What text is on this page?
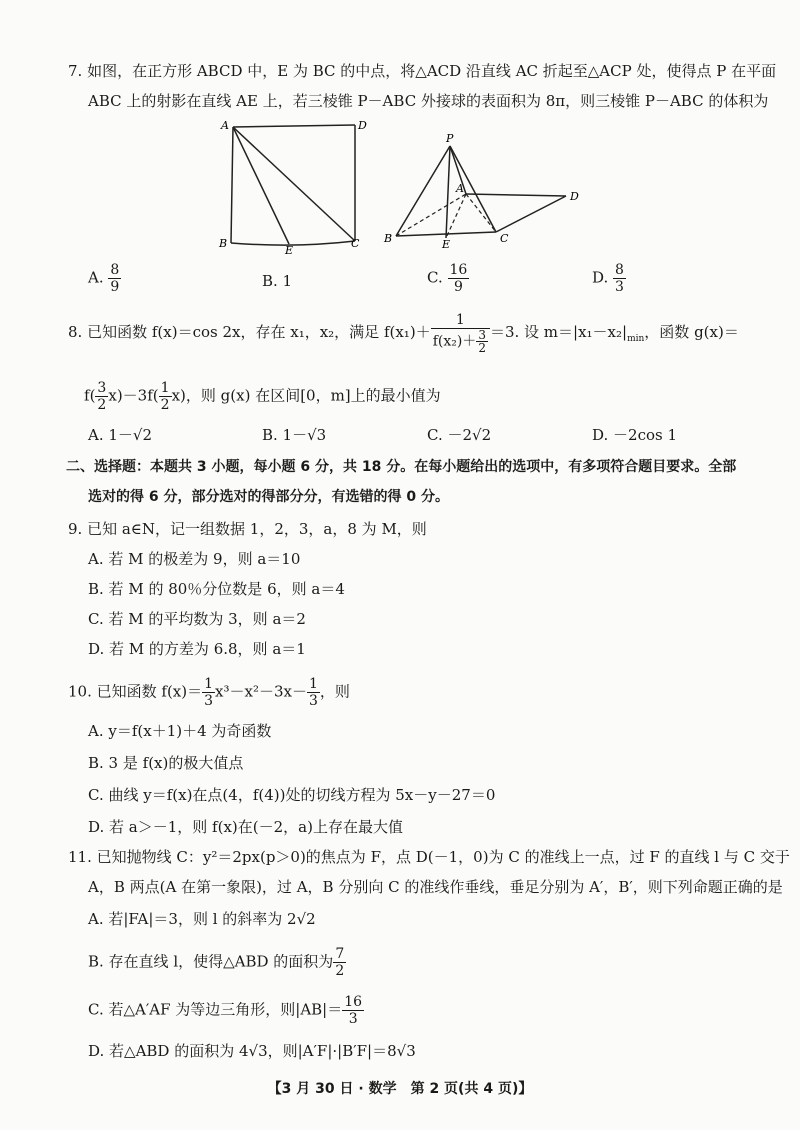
7. 如图，在正方形 ABCD 中，E 为 BC 的中点，将△ACD 沿直线 AC 折起至△ACP 处，使得点 P 在平面
ABC 上的射影在直线 AE 上，若三棱锥 P－ABC 外接球的表面积为 8π，则三棱锥 P－ABC 的体积为
A	D
B
E
C
P
A
D
B	E	C
A. $\frac{8}{9}$	B. 1	C. $\frac{16}{9}$	D. $\frac{8}{3}$
8. 已知函数 f(x)＝cos 2x，存在 x₁，x₂，满足 $f(x_1)+ \frac{1}{f(x_2)+ \frac{3}{2}} =3$. 设 $m=|x_1-x_2|_{min}$，函数 g(x)＝
$f( \frac{3}{2} x)-3f( \frac{1}{2} x)$，则 g(x) 在区间[0，m]上的最小值为
A. 1－√2	B. 1－√3	C. －2√2	D. －2cos 1
二、选择题：本题共 3 小题，每小题 6 分，共 18 分。在每小题给出的选项中，有多项符合题目要求。全部
选对的得 6 分，部分选对的得部分分，有选错的得 0 分。
9. 已知 a∈N，记一组数据 1，2，3，a，8 为 M，则
A. 若 M 的极差为 9，则 a＝10
B. 若 M 的 80％分位数是 6，则 a＝4
C. 若 M 的平均数为 3，则 a＝2
D. 若 M 的方差为 6.8，则 a＝1
10. 已知函数 $f(x)= \frac{1}{3} x^3-x^2-3x- \frac{1}{3}$ ，则
A. y＝f(x＋1)＋4 为奇函数
B. 3 是 f(x)的极大值点
C. 曲线 y＝f(x)在点(4，f(4))处的切线方程为 5x－y－27＝0
D. 若 a＞－1，则 f(x)在(－2，a)上存在最大值
11. 已知抛物线 C：y²＝2px(p＞0)的焦点为 F，点 D(－1，0)为 C 的准线上一点，过 F 的直线 l 与 C 交于
A，B 两点(A 在第一象限)，过 A，B 分别向 C 的准线作垂线，垂足分别为 A′，B′，则下列命题正确的是
A. 若|FA|＝3，则 l 的斜率为 2√2
B. 存在直线 l，使得△ABD 的面积为 $\frac{7}{2}$
C. 若△A′AF 为等边三角形，则$|AB|= \frac{16}{3}$
D. 若△ABD 的面积为 4√3，则|A′F|·|B′F|＝8√3
【3 月 30 日 · 数学　第 2 页(共 4 页)】
